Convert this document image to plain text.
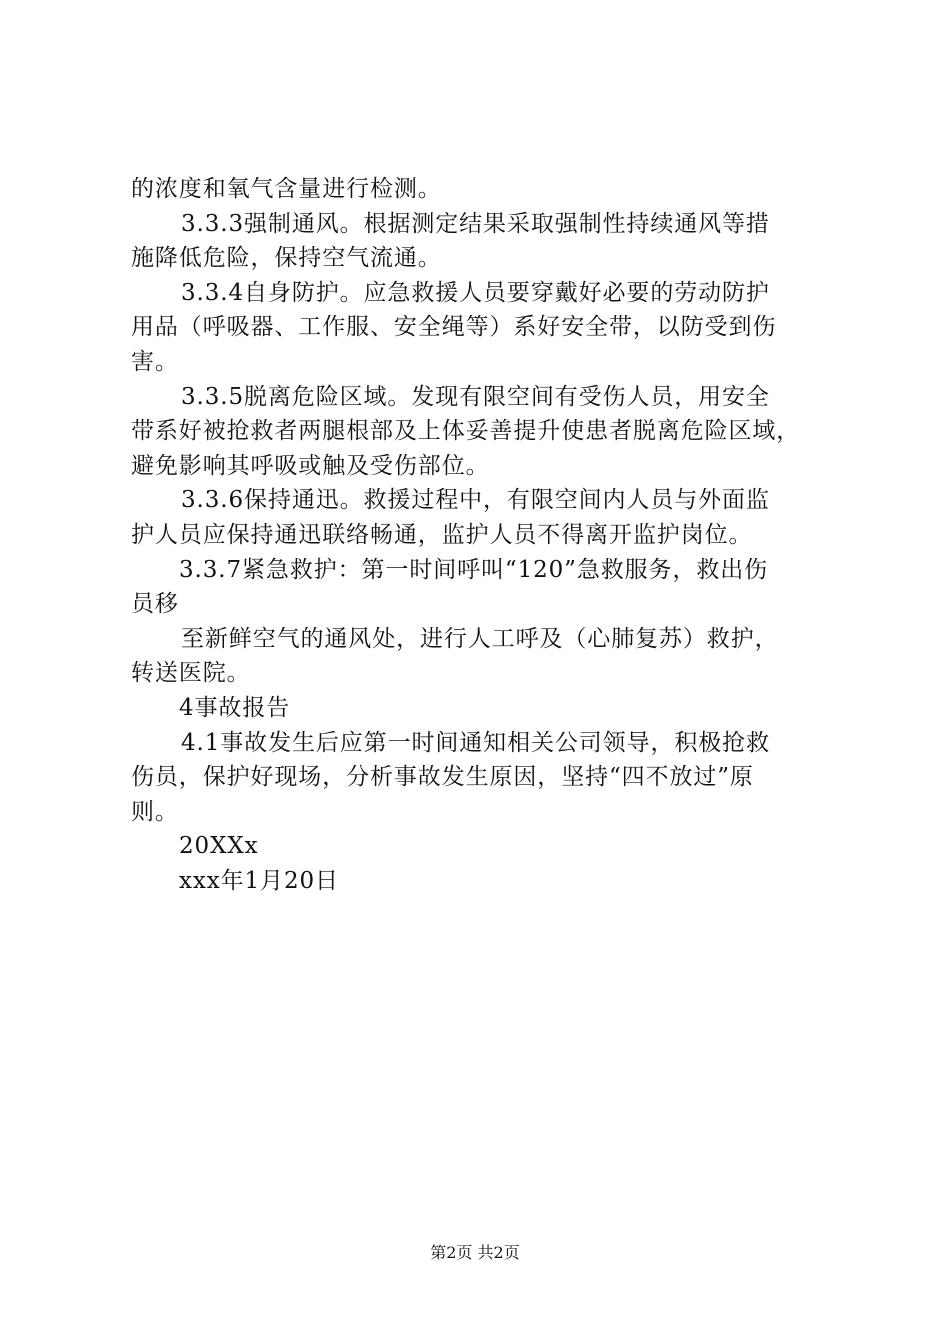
的浓度和氧气含量进行检测。
3.3.3强制通风。根据测定结果采取强制性持续通风等措
施降低危险，保持空气流通。
3.3.4自身防护。应急救援人员要穿戴好必要的劳动防护
用品（呼吸器、工作服、安全绳等）系好安全带，以防受到伤
害。
3.3.5脱离危险区域。发现有限空间有受伤人员，用安全
带系好被抢救者两腿根部及上体妥善提升使患者脱离危险区域，
避免影响其呼吸或触及受伤部位。
3.3.6保持通迅。救援过程中，有限空间内人员与外面监
护人员应保持通迅联络畅通，监护人员不得离开监护岗位。
3.3.7紧急救护：第一时间呼叫“120”急救服务，救出伤
员移
至新鲜空气的通风处，进行人工呼及（心肺复苏）救护，
转送医院。
4事故报告
4.1事故发生后应第一时间通知相关公司领导，积极抢救
伤员，保护好现场，分析事故发生原因，坚持“四不放过”原
则。
20XXx
xxx年1月20日
第2页 共2页
